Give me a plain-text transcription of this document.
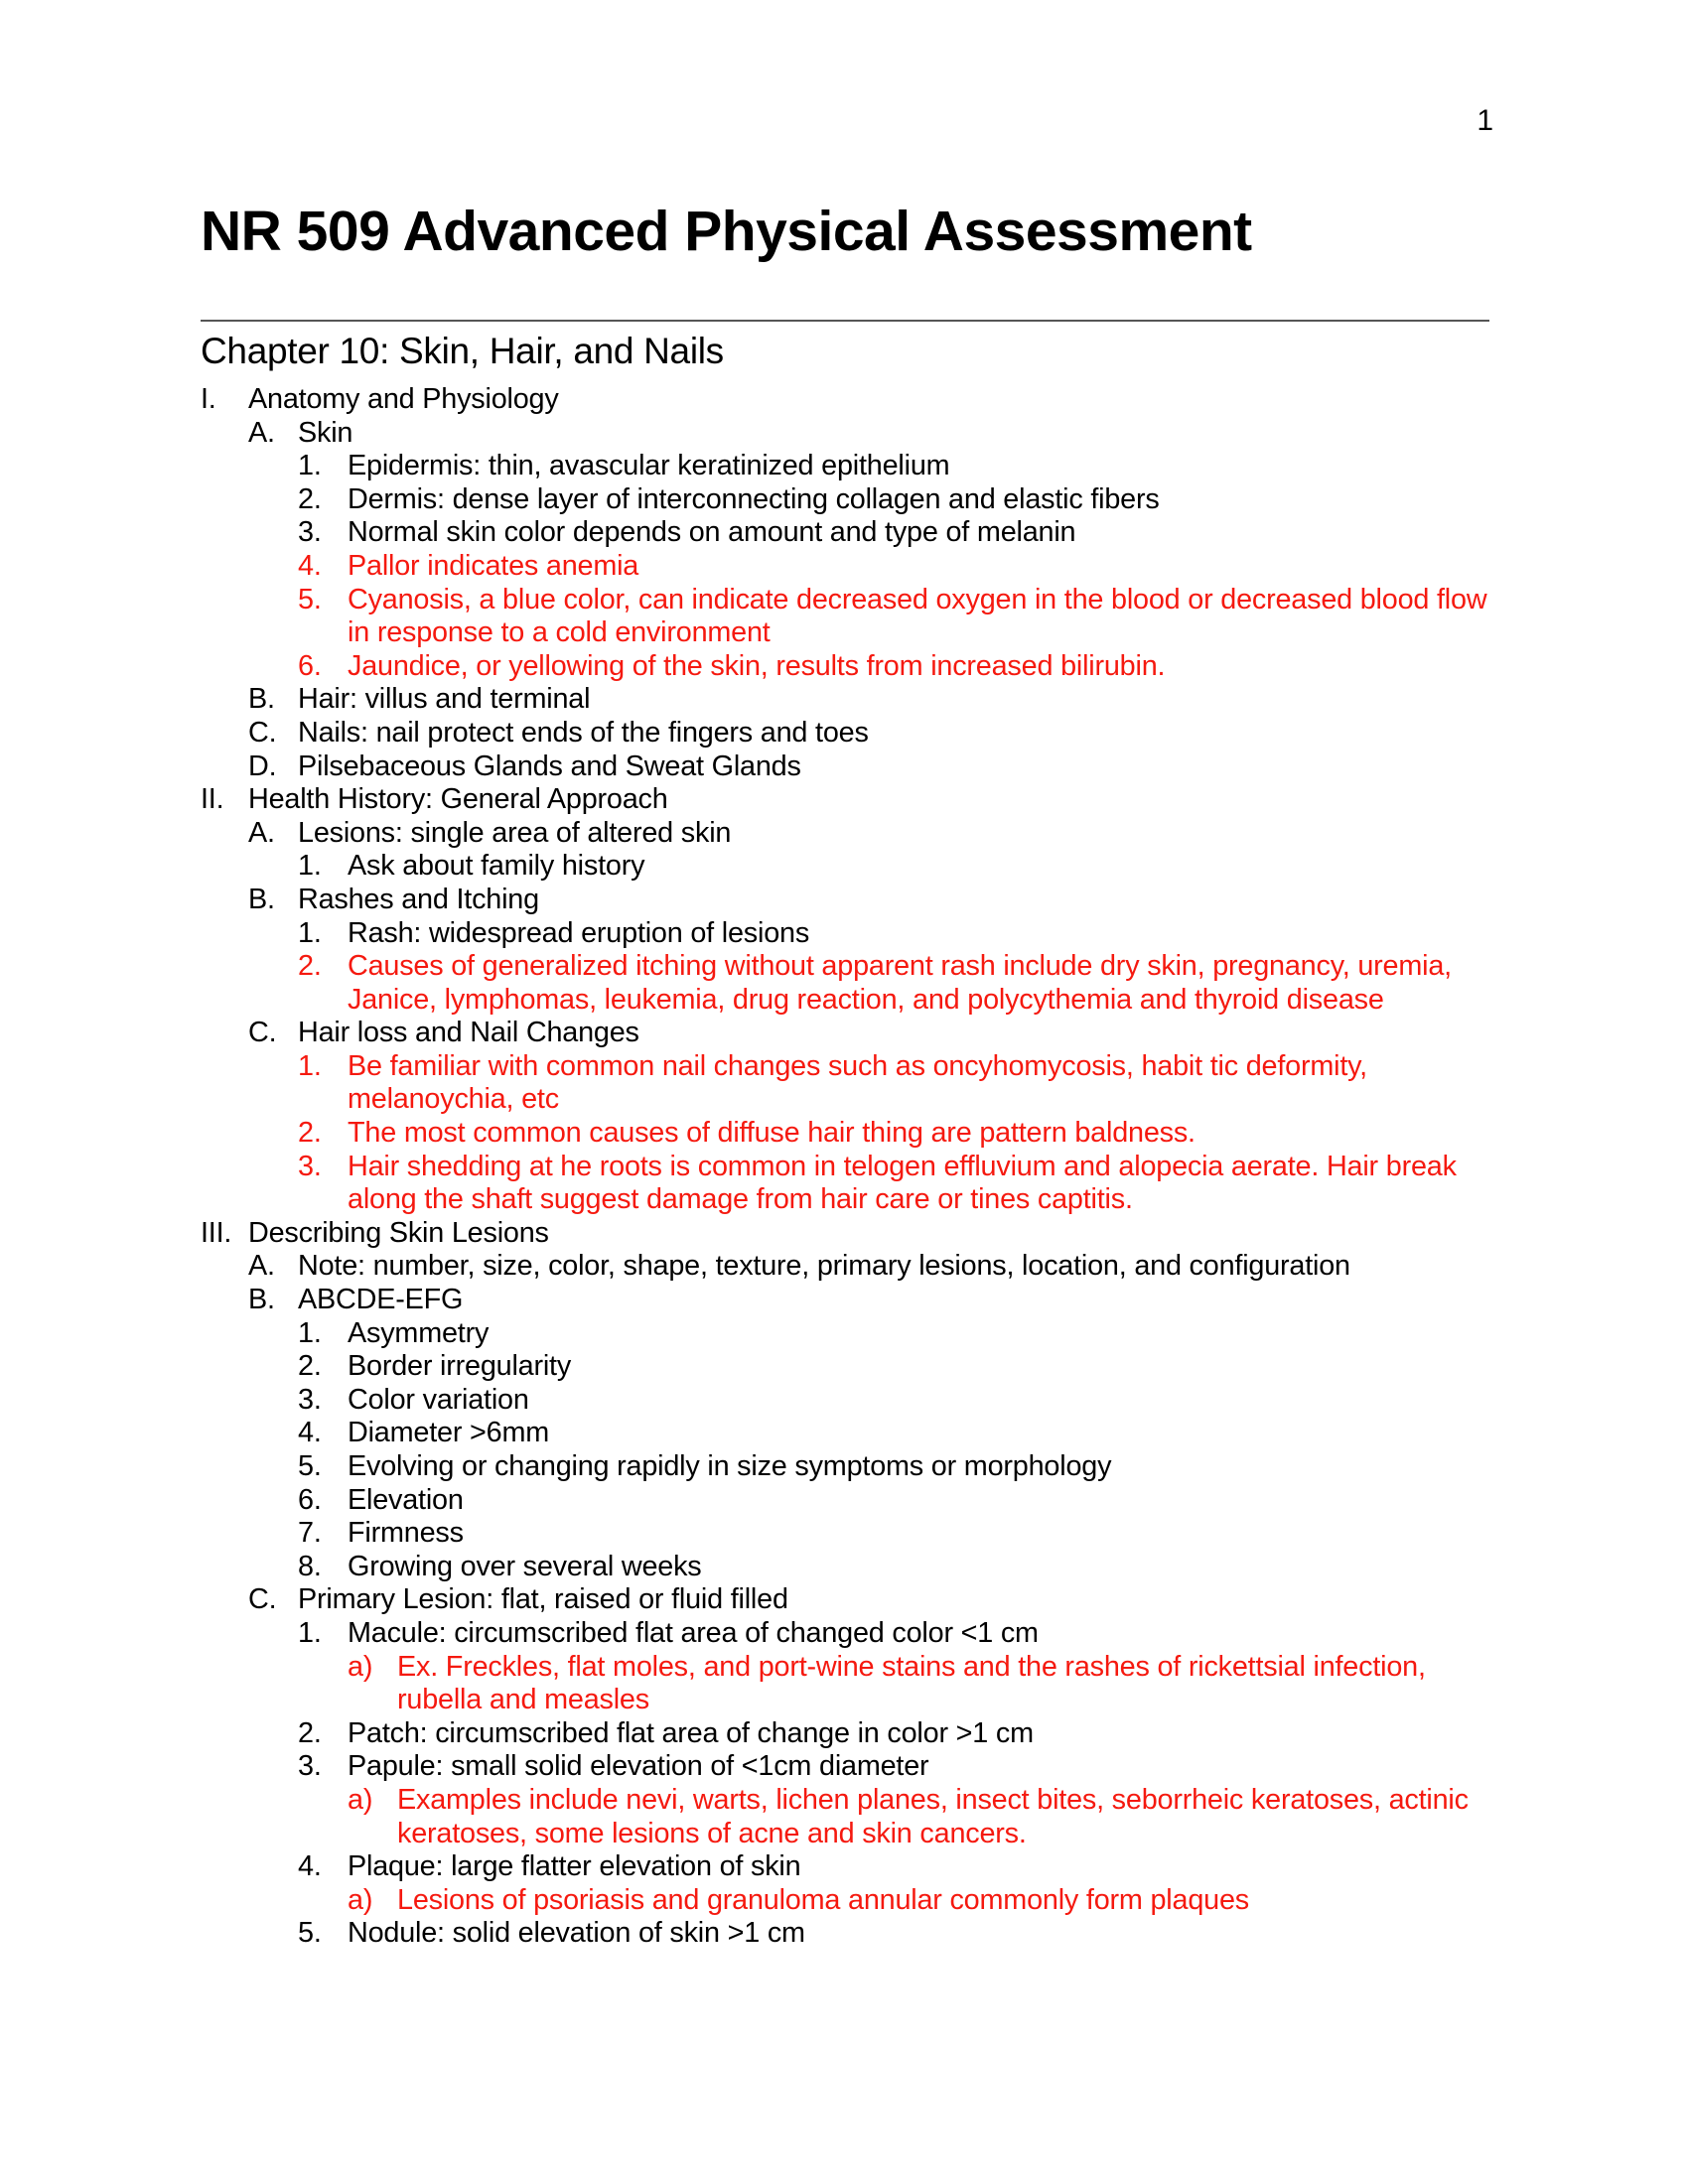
1
NR 509 Advanced Physical Assessment
Chapter 10: Skin, Hair, and Nails
I. Anatomy and Physiology
A. Skin
1. Epidermis: thin, avascular keratinized epithelium
2. Dermis: dense layer of interconnecting collagen and elastic fibers
3. Normal skin color depends on amount and type of melanin
4. Pallor indicates anemia
5. Cyanosis, a blue color, can indicate decreased oxygen in the blood or decreased blood flow in response to a cold environment
6. Jaundice, or yellowing of the skin, results from increased bilirubin.
B. Hair: villus and terminal
C. Nails: nail protect ends of the fingers and toes
D. Pilsebaceous Glands and Sweat Glands
II. Health History: General Approach
A. Lesions: single area of altered skin
1. Ask about family history
B. Rashes and Itching
1. Rash: widespread eruption of lesions
2. Causes of generalized itching without apparent rash include dry skin, pregnancy, uremia, Janice, lymphomas, leukemia, drug reaction, and polycythemia and thyroid disease
C. Hair loss and Nail Changes
1. Be familiar with common nail changes such as oncyhomycosis, habit tic deformity, melanoychia, etc
2. The most common causes of diffuse hair thing are pattern baldness.
3. Hair shedding at he roots is common in telogen effluvium and alopecia aerate. Hair break along the shaft suggest damage from hair care or tines captitis.
III. Describing Skin Lesions
A. Note: number, size, color, shape, texture, primary lesions, location, and configuration
B. ABCDE-EFG
1. Asymmetry
2. Border irregularity
3. Color variation
4. Diameter >6mm
5. Evolving or changing rapidly in size symptoms or morphology
6. Elevation
7. Firmness
8. Growing over several weeks
C. Primary Lesion: flat, raised or fluid filled
1. Macule: circumscribed flat area of changed color <1 cm
a) Ex. Freckles, flat moles, and port-wine stains and the rashes of rickettsial infection, rubella and measles
2. Patch: circumscribed flat area of change in color >1 cm
3. Papule: small solid elevation of <1cm diameter
a) Examples include nevi, warts, lichen planes, insect bites, seborrheic keratoses, actinic keratoses, some lesions of acne and skin cancers.
4. Plaque: large flatter elevation of skin
a) Lesions of psoriasis and granuloma annular commonly form plaques
5. Nodule: solid elevation of skin >1 cm
